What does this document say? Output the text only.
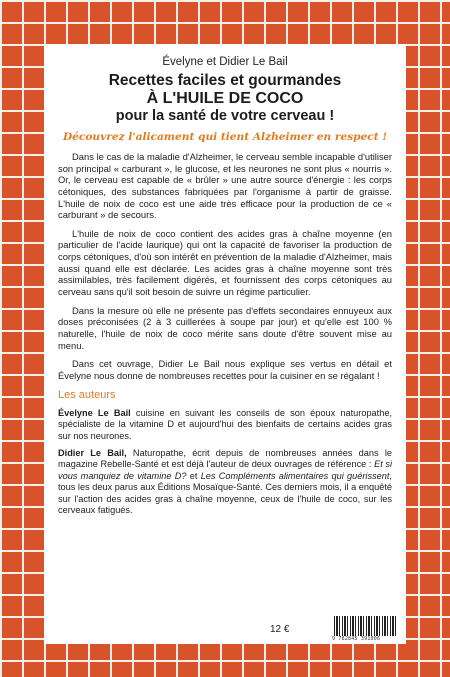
Évelyne et Didier Le Bail
Recettes faciles et gourmandes
À L'HUILE DE COCO
pour la santé de votre cerveau !
Découvrez l'alicament qui tient Alzheimer en respect !

Dans le cas de la maladie d'Alzheimer, le cerveau semble incapable d'utiliser son principal « carburant », le glucose, et les neurones ne sont plus « nourris ». Or, le cerveau est capable de « brûler » une autre source d'énergie : les corps cétoniques, des substances fabriquées par l'organisme à partir de graisse. L'huile de noix de coco est une aide très efficace pour la production de ce « carburant » de secours.

L'huile de noix de coco contient des acides gras à chaîne moyenne (en particulier de l'acide laurique) qui ont la capacité de favoriser la production de corps cétoniques, d'où son intérêt en prévention de la maladie d'Alzheimer, mais aussi quand elle est déclarée. Les acides gras à chaîne moyenne sont très assimilables, très facilement digérés, et fournissent des corps cétoniques au cerveau sans qu'il soit besoin de suivre un régime particulier.

Dans la mesure où elle ne présente pas d'effets secondaires ennuyeux aux doses préconisées (2 à 3 cuillerées à soupe par jour) et qu'elle est 100 % naturelle, l'huile de noix de coco mérite sans doute d'être souvent mise au menu.

Dans cet ouvrage, Didier Le Bail nous explique ses vertus en détail et Évelyne nous donne de nombreuses recettes pour la cuisiner en se régalant !

Les auteurs

Évelyne Le Bail cuisine en suivant les conseils de son époux naturopathe, spécialiste de la vitamine D et aujourd'hui des bienfaits de certains acides gras sur nos neurones.

Didier Le Bail, Naturopathe, écrit depuis de nombreuses années dans le magazine Rebelle-Santé et est déjà l'auteur de deux ouvrages de référence : Et si vous manquiez de vitamine D? et Les Compléments alimentaires qui guérissent, tous les deux parus aux Éditions Mosaïque-Santé. Ces derniers mois, il a enquêté sur l'action des acides gras à chaîne moyenne, ceux de l'huile de coco, sur les cerveaux fatigués.

12 €
9 782845 391006
